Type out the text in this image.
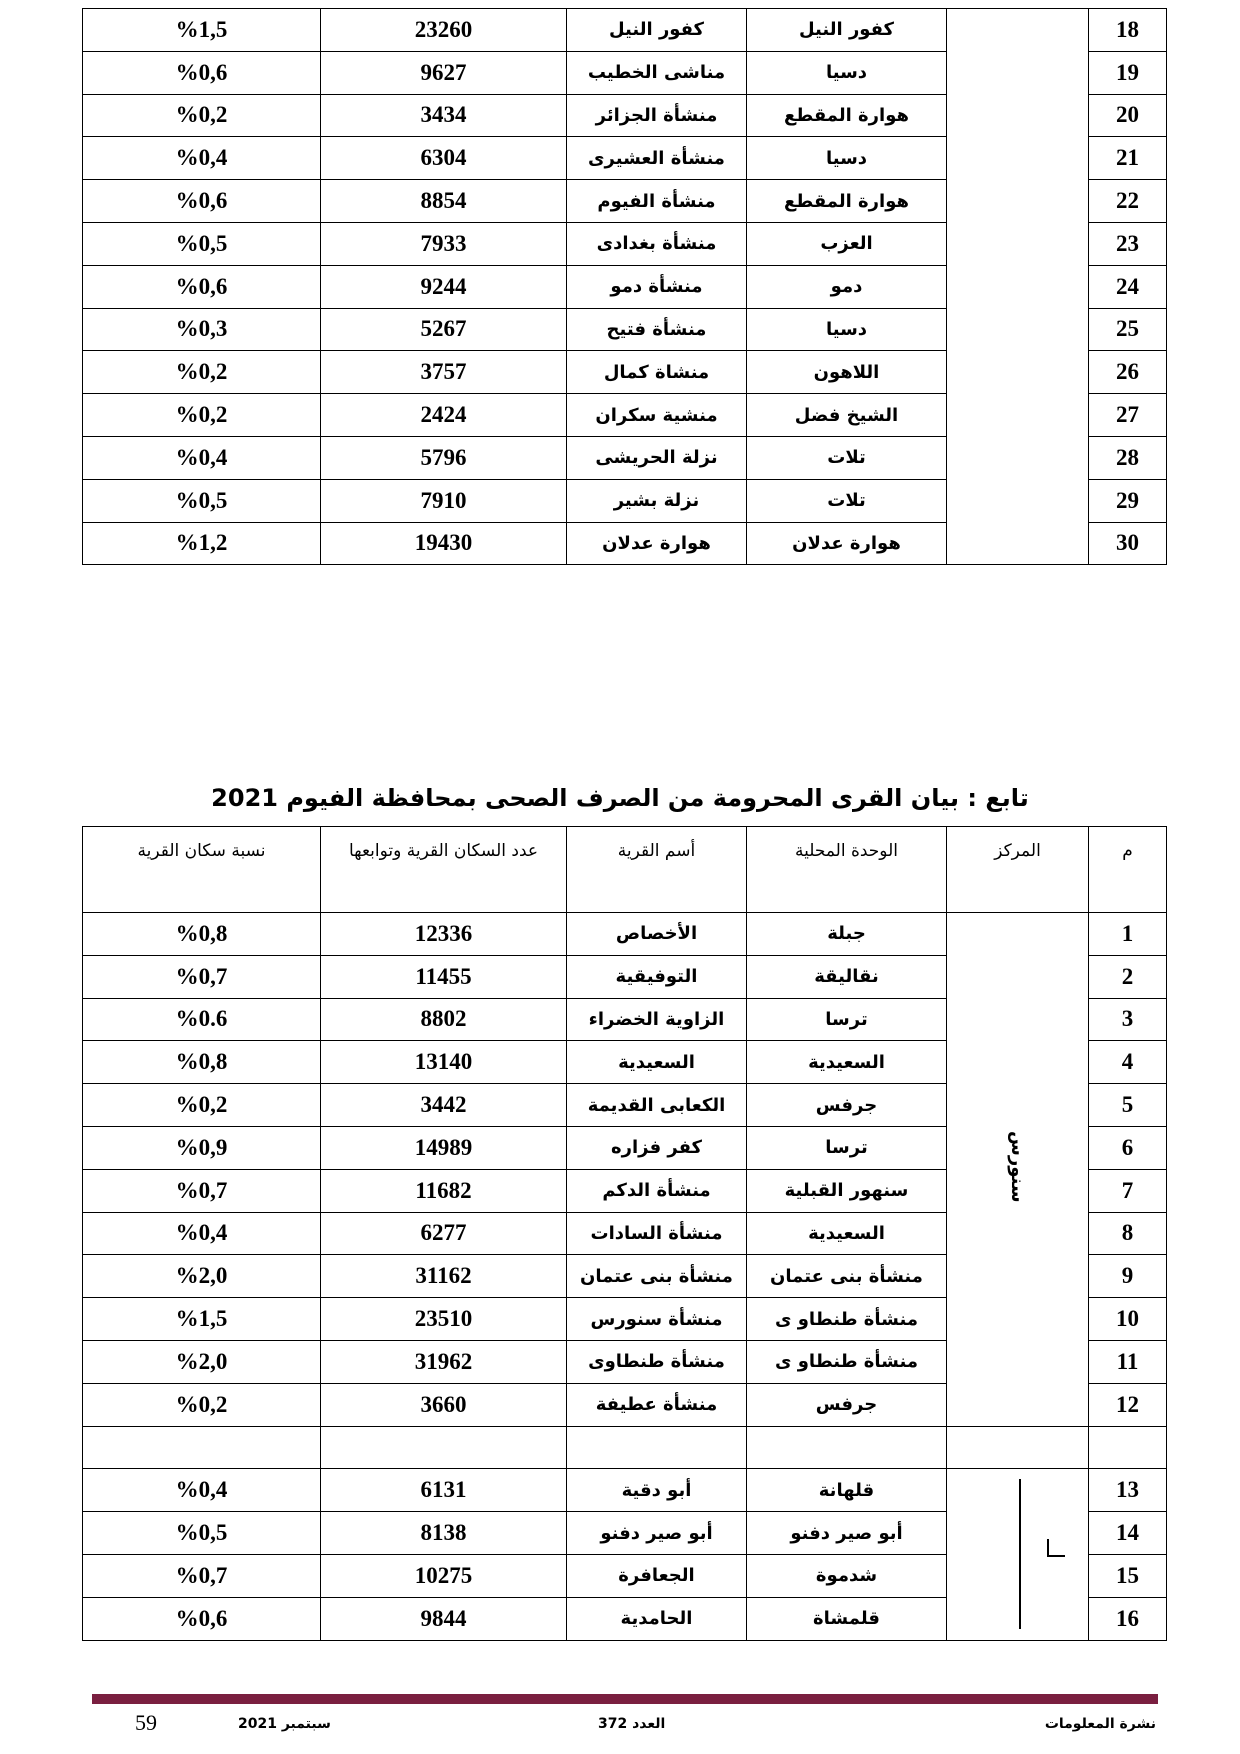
18		كفور النيل	كفور النيل	23260	%1,5
19		دسيا	مناشى الخطيب	9627	%0,6
20		هوارة المقطع	منشأة الجزائر	3434	%0,2
21		دسيا	منشأة العشيرى	6304	%0,4
22		هوارة المقطع	منشأة الفيوم	8854	%0,6
23		العزب	منشأة بغدادى	7933	%0,5
24		دمو	منشأة دمو	9244	%0,6
25		دسيا	منشأة فتيح	5267	%0,3
26		اللاهون	منشاة كمال	3757	%0,2
27		الشيخ فضل	منشية سكران	2424	%0,2
28		تلات	نزلة الحريشى	5796	%0,4
29		تلات	نزلة بشير	7910	%0,5
30		هوارة عدلان	هوارة عدلان	19430	%1,2
تابع : بيان القرى المحرومة من الصرف الصحى بمحافظة الفيوم 2021
م	المركز	الوحدة المحلية	أسم القرية	عدد السكان القرية وتوابعها	نسبة سكان القرية
1	سنورس	جبلة	الأخصاص	12336	%0,8
2		نقاليقة	التوفيقية	11455	%0,7
3		ترسا	الزاوية الخضراء	8802	%0.6
4		السعيدية	السعيدية	13140	%0,8
5		جرفس	الكعابى القديمة	3442	%0,2
6		ترسا	كفر فزاره	14989	%0,9
7		سنهور القبلية	منشأة الدكم	11682	%0,7
8		السعيدية	منشأة السادات	6277	%0,4
9		منشأة بنى عتمان	منشأة بنى عتمان	31162	%2,0
10		منشأة طنطاو ى	منشأة سنورس	23510	%1,5
11		منشأة طنطاو ى	منشأة طنطاوى	31962	%2,0
12		جرفس	منشأة عطيفة	3660	%0,2

13		قلهانة	أبو دقية	6131	%0,4
14		أبو صير دفنو	أبو صير دفنو	8138	%0,5
15		شدموة	الجعافرة	10275	%0,7
16		قلمشاة	الحامدية	9844	%0,6
نشرة المعلومات
العدد 372
سبتمبر 2021
59
